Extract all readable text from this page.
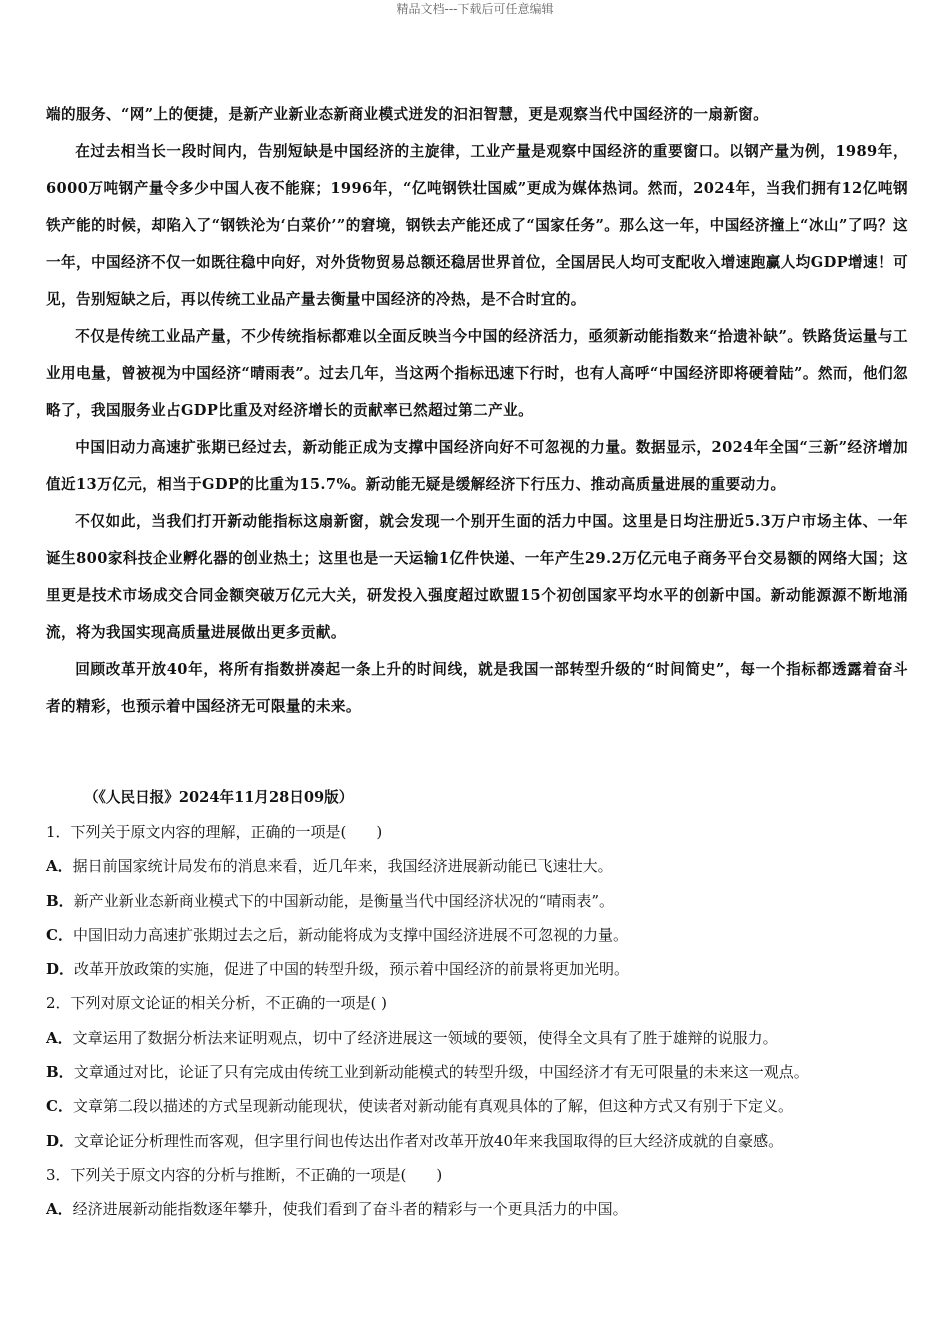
精品文档---下载后可任意编辑

端的服务、“网”上的便捷，是新产业新业态新商业模式迸发的汩汩智慧，更是观察当代中国经济的一扇新窗。

在过去相当长一段时间内，告别短缺是中国经济的主旋律，工业产量是观察中国经济的重要窗口。以钢产量为例，1989年，6000万吨钢产量令多少中国人夜不能寐；1996年，“亿吨钢铁壮国威”更成为媒体热词。然而，2024年，当我们拥有12亿吨钢铁产能的时候，却陷入了“钢铁沦为‘白菜价’”的窘境，钢铁去产能还成了“国家任务”。那么这一年，中国经济撞上“冰山”了吗？这一年，中国经济不仅一如既往稳中向好，对外货物贸易总额还稳居世界首位，全国居民人均可支配收入增速跑赢人均GDP增速！可见，告别短缺之后，再以传统工业品产量去衡量中国经济的冷热，是不合时宜的。

不仅是传统工业品产量，不少传统指标都难以全面反映当今中国的经济活力，亟须新动能指数来“拾遗补缺”。铁路货运量与工业用电量，曾被视为中国经济“晴雨表”。过去几年，当这两个指标迅速下行时，也有人高呼“中国经济即将硬着陆”。然而，他们忽略了，我国服务业占GDP比重及对经济增长的贡献率已然超过第二产业。

中国旧动力高速扩张期已经过去，新动能正成为支撑中国经济向好不可忽视的力量。数据显示，2024年全国“三新”经济增加值近13万亿元，相当于GDP的比重为15.7%。新动能无疑是缓解经济下行压力、推动高质量进展的重要动力。

不仅如此，当我们打开新动能指标这扇新窗，就会发现一个别开生面的活力中国。这里是日均注册近5.3万户市场主体、一年诞生800家科技企业孵化器的创业热土；这里也是一天运输1亿件快递、一年产生29.2万亿元电子商务平台交易额的网络大国；这里更是技术市场成交合同金额突破万亿元大关，研发投入强度超过欧盟15个初创国家平均水平的创新中国。新动能源源不断地涌流，将为我国实现高质量进展做出更多贡献。

回顾改革开放40年，将所有指数拼凑起一条上升的时间线，就是我国一部转型升级的“时间简史”，每一个指标都透露着奋斗者的精彩，也预示着中国经济无可限量的未来。

（《人民日报》2024年11月28日09版）
1．下列关于原文内容的理解，正确的一项是(　　)
A．据日前国家统计局发布的消息来看，近几年来，我国经济进展新动能已飞速壮大。
B．新产业新业态新商业模式下的中国新动能，是衡量当代中国经济状况的“晴雨表”。
C．中国旧动力高速扩张期过去之后，新动能将成为支撑中国经济进展不可忽视的力量。
D．改革开放政策的实施，促进了中国的转型升级，预示着中国经济的前景将更加光明。
2．下列对原文论证的相关分析，不正确的一项是( )
A．文章运用了数据分析法来证明观点，切中了经济进展这一领域的要领，使得全文具有了胜于雄辩的说服力。
B．文章通过对比，论证了只有完成由传统工业到新动能模式的转型升级，中国经济才有无可限量的未来这一观点。
C．文章第二段以描述的方式呈现新动能现状，使读者对新动能有真观具体的了解，但这种方式又有别于下定义。
D．文章论证分析理性而客观，但字里行间也传达出作者对改革开放40年来我国取得的巨大经济成就的自豪感。
3．下列关于原文内容的分析与推断，不正确的一项是(　　)
A．经济进展新动能指数逐年攀升，使我们看到了奋斗者的精彩与一个更具活力的中国。
